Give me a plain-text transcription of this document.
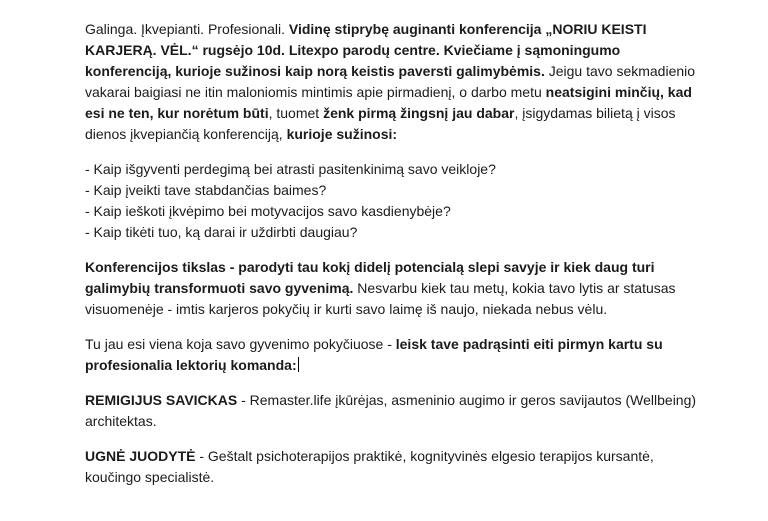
Galinga. Įkvepianti. Profesionali. Vidinę stiprybę auginanti konferencija „NORIU KEISTI KARJERĄ. VĖL.“ rugsėjo 10d. Litexpo parodų centre. Kviečiame į sąmoningumo konferenciją, kurioje sužinosi kaip norą keistis paversti galimybėmis. Jeigu tavo sekmadienio vakarai baigiasi ne itin maloniomis mintimis apie pirmadienį, o darbo metu neatsigini minčių, kad esi ne ten, kur norėtum būti, tuomet ženk pirmą žingsnį jau dabar, įsigydamas bilietą į visos dienos įkvepiančią konferenciją, kurioje sužinosi:

- Kaip išgyventi perdegimą bei atrasti pasitenkinimą savo veikloje?
- Kaip įveikti tave stabdančias baimes?
- Kaip ieškoti įkvėpimo bei motyvacijos savo kasdienybėje?
- Kaip tikėti tuo, ką darai ir uždirbti daugiau?

Konferencijos tikslas - parodyti tau kokį didelį potencialą slepi savyje ir kiek daug turi galimybių transformuoti savo gyvenimą. Nesvarbu kiek tau metų, kokia tavo lytis ar statusas visuomenėje - imtis karjeros pokyčių ir kurti savo laimę iš naujo, niekada nebus vėlu.

Tu jau esi viena koja savo gyvenimo pokyčiuose - leisk tave padrąsinti eiti pirmyn kartu su profesionalia lektorių komanda:

REMIGIJUS SAVICKAS - Remaster.life įkūrėjas, asmeninio augimo ir geros savijautos (Wellbeing) architektas.

UGNĖ JUODYTĖ - Geštalt psichoterapijos praktikė, kognityvinės elgesio terapijos kursantė, koučingo specialistė.
